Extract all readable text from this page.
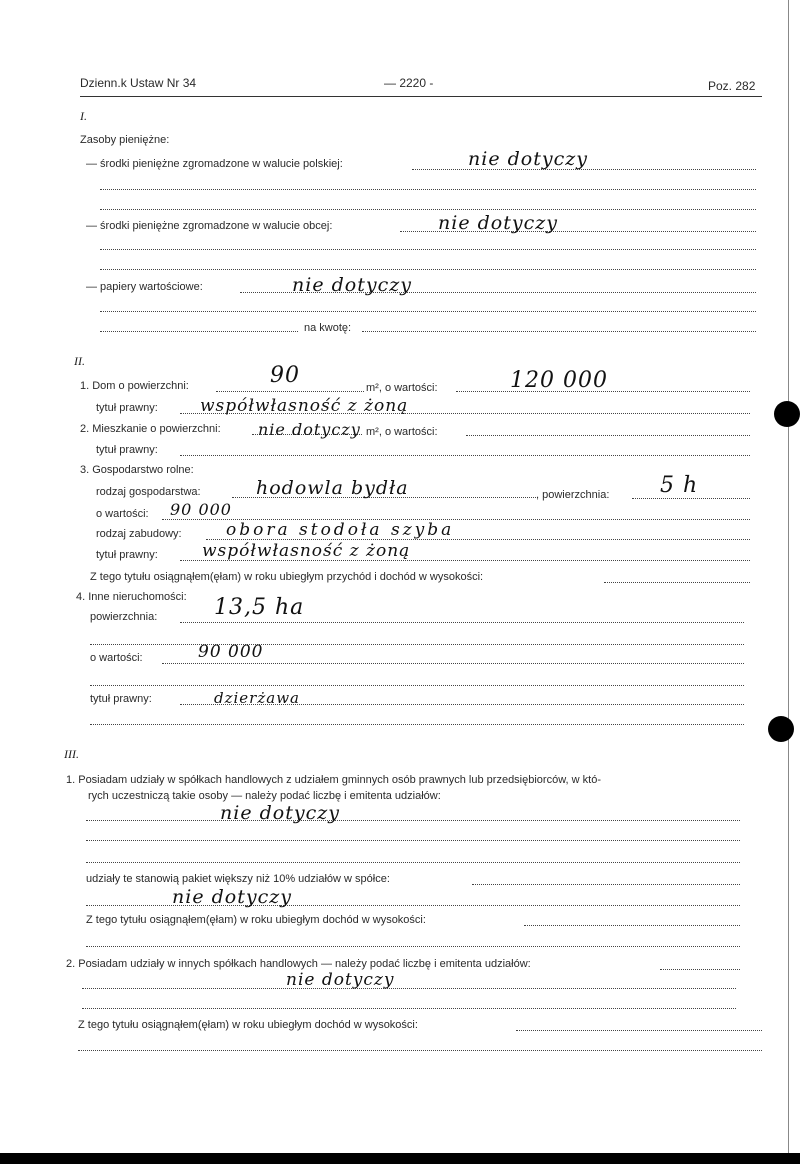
Dzienn.k Ustaw Nr 34	— 2220 -	Poz. 282
I.
Zasoby pieniężne:
— środki pieniężne zgromadzone w walucie polskiej:	nie dotyczy
— środki pieniężne zgromadzone w walucie obcej:	nie dotyczy
— papiery wartościowe:	nie dotyczy
na kwotę:
II.
1. Dom o powierzchni:	90	m², o wartości:	120 000
tytuł prawny: współwłasność z żoną
2. Mieszkanie o powierzchni: nie dotyczy m², o wartości:
tytuł prawny:
3. Gospodarstwo rolne:
rodzaj gospodarstwa:	hodowla bydła	, powierzchnia: 5 h
o wartości: 90 000
rodzaj zabudowy:	obora stodoła szyba
tytuł prawny:	współwłasność z żoną
Z tego tytułu osiągnąłem(ęłam) w roku ubiegłym przychód i dochód w wysokości:
4. Inne nieruchomości:
powierzchnia:	13,5 ha
o wartości:	90 000
tytuł prawny:	dzierżawa
III.
1. Posiadam udziały w spółkach handlowych z udziałem gminnych osób prawnych lub przedsiębiorców, w któ-
rych uczestniczą takie osoby — należy podać liczbę i emitenta udziałów:
nie dotyczy
udziały te stanowią pakiet większy niż 10% udziałów w spółce:
nie dotyczy
Z tego tytułu osiągnąłem(ęłam) w roku ubiegłym dochód w wysokości:
2. Posiadam udziały w innych spółkach handlowych — należy podać liczbę i emitenta udziałów:
nie dotyczy
Z tego tytułu osiągnąłem(ęłam) w roku ubiegłym dochód w wysokości:
